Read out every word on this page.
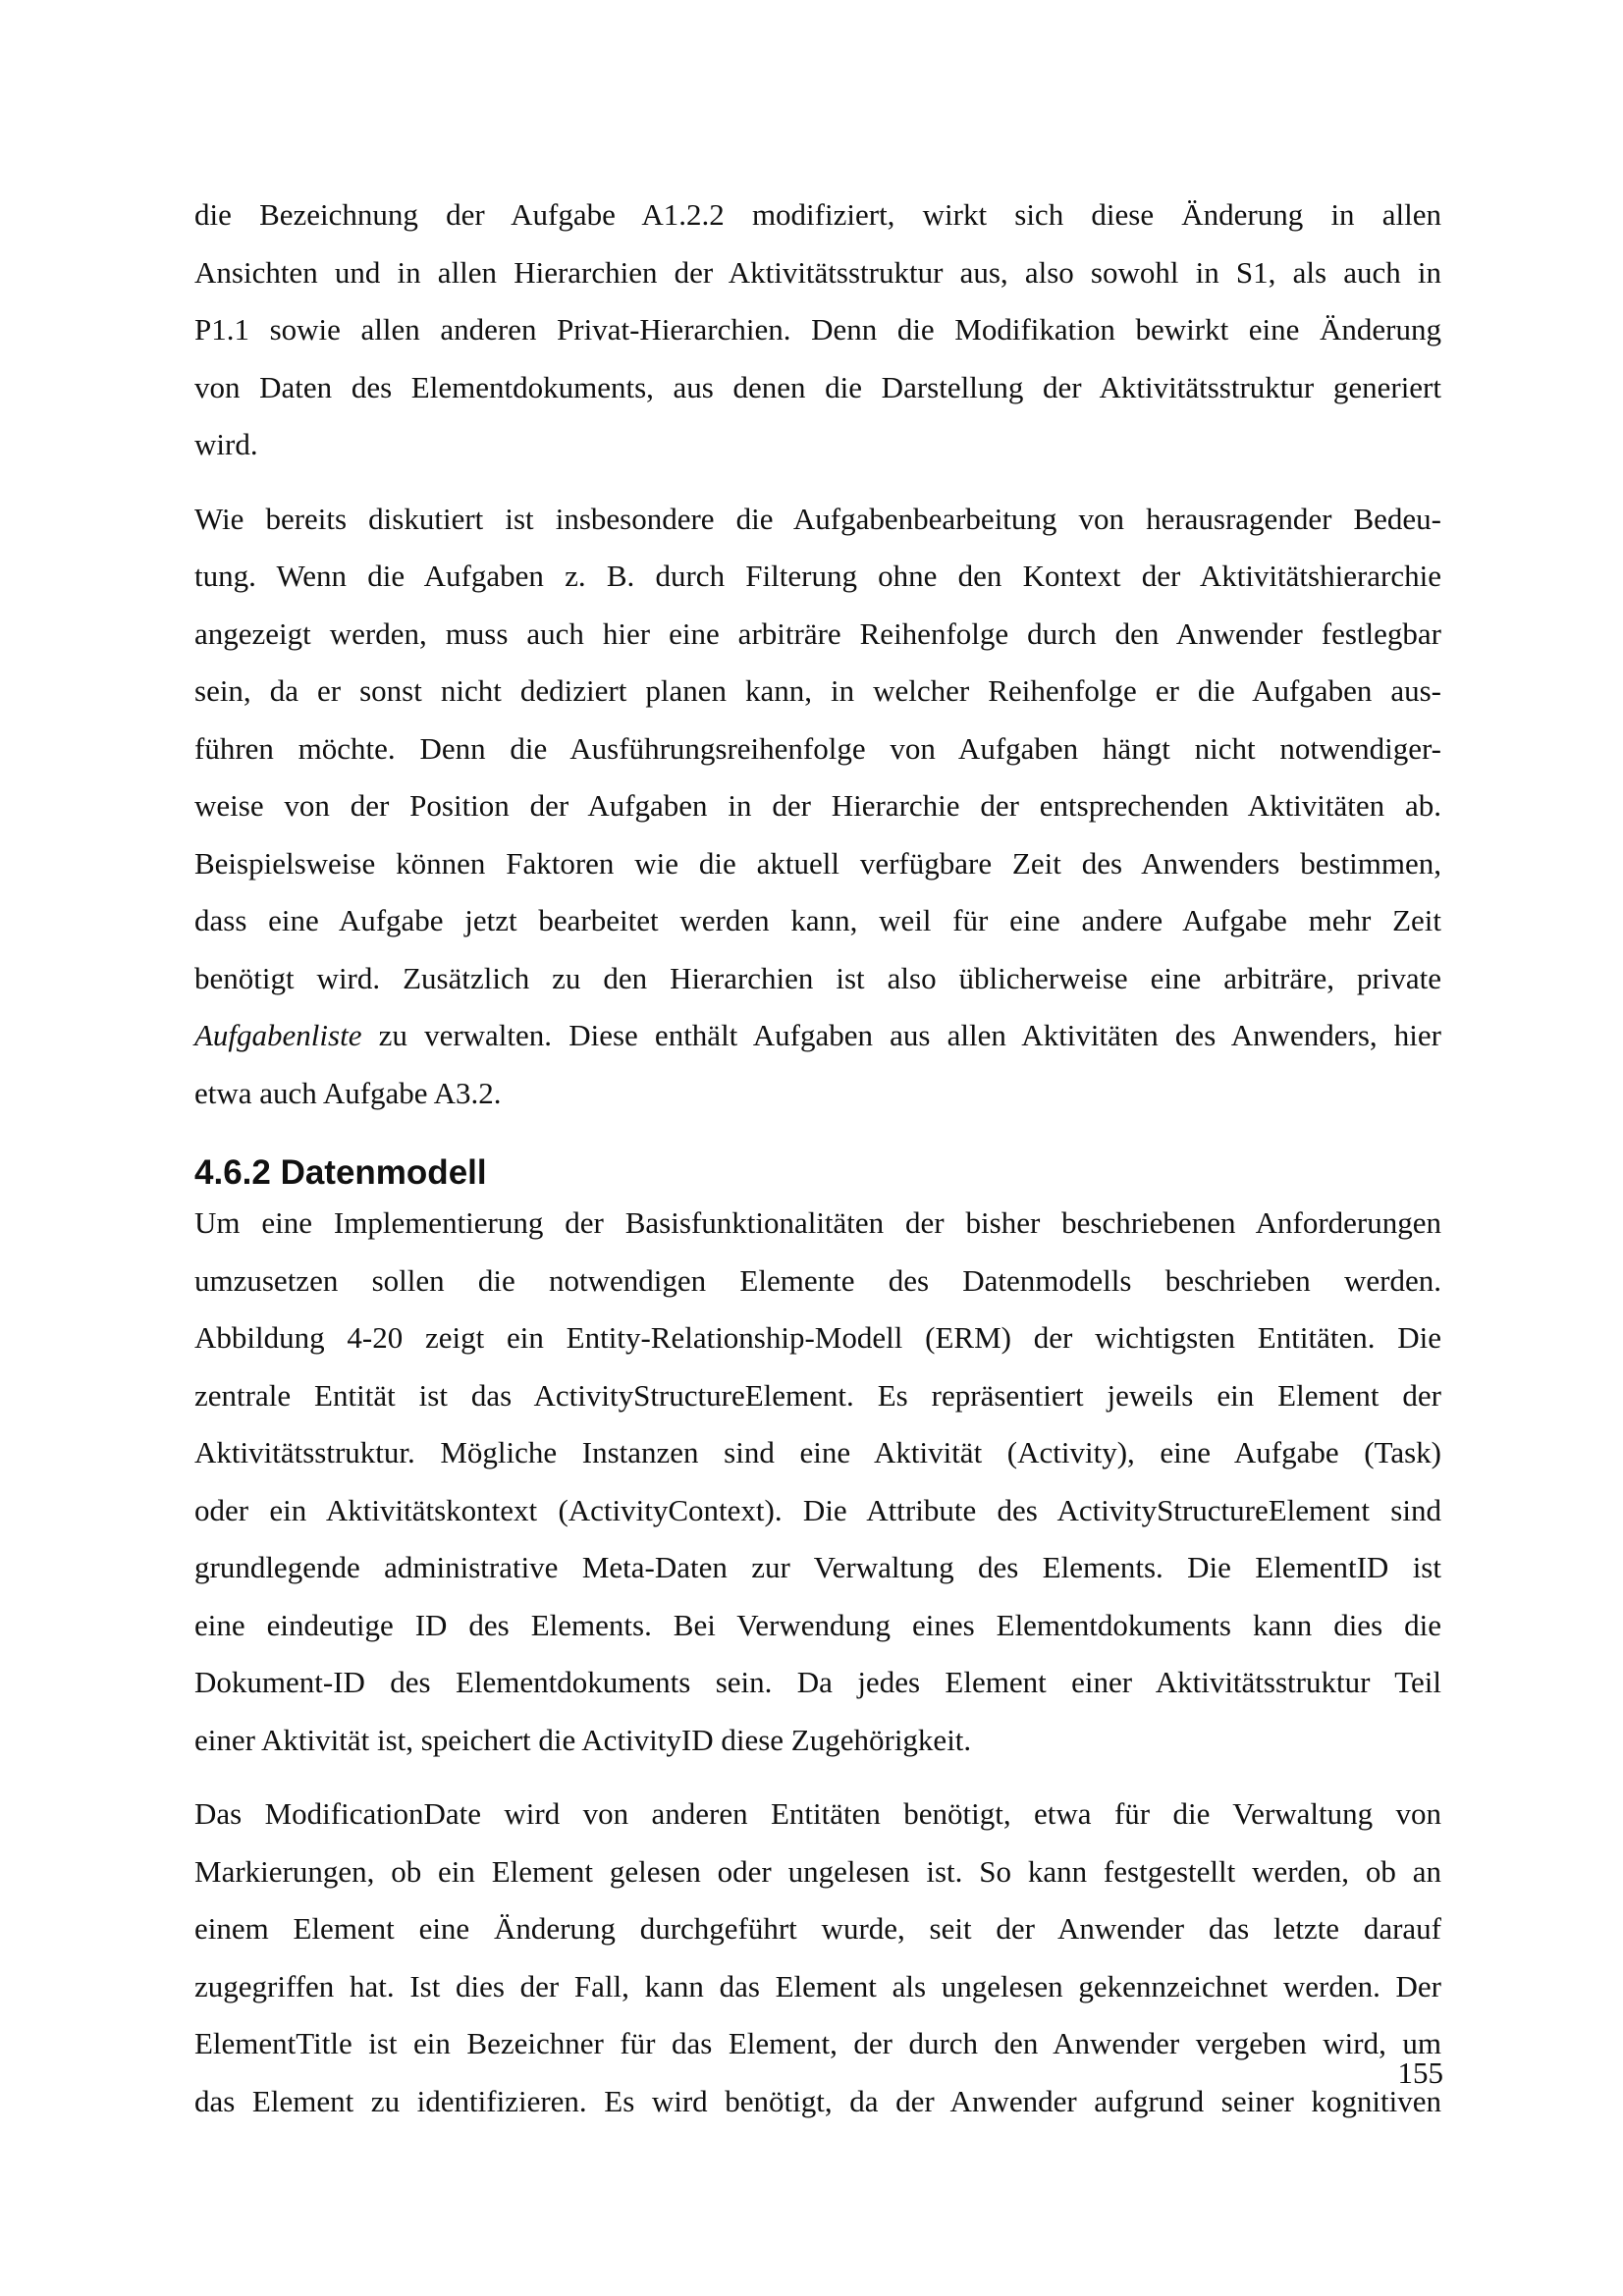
die Bezeichnung der Aufgabe A1.2.2 modifiziert, wirkt sich diese Änderung in allen
Ansichten und in allen Hierarchien der Aktivitätsstruktur aus, also sowohl in S1, als auch in
P1.1 sowie allen anderen Privat-Hierarchien. Denn die Modifikation bewirkt eine Änderung
von Daten des Elementdokuments, aus denen die Darstellung der Aktivitätsstruktur generiert
wird.

Wie bereits diskutiert ist insbesondere die Aufgabenbearbeitung von herausragender Bedeu-
tung. Wenn die Aufgaben z. B. durch Filterung ohne den Kontext der Aktivitätshierarchie
angezeigt werden, muss auch hier eine arbiträre Reihenfolge durch den Anwender festlegbar
sein, da er sonst nicht dediziert planen kann, in welcher Reihenfolge er die Aufgaben aus-
führen möchte. Denn die Ausführungsreihenfolge von Aufgaben hängt nicht notwendiger-
weise von der Position der Aufgaben in der Hierarchie der entsprechenden Aktivitäten ab.
Beispielsweise können Faktoren wie die aktuell verfügbare Zeit des Anwenders bestimmen,
dass eine Aufgabe jetzt bearbeitet werden kann, weil für eine andere Aufgabe mehr Zeit
benötigt wird. Zusätzlich zu den Hierarchien ist also üblicherweise eine arbiträre, private
Aufgabenliste zu verwalten. Diese enthält Aufgaben aus allen Aktivitäten des Anwenders, hier
etwa auch Aufgabe A3.2.

4.6.2 Datenmodell

Um eine Implementierung der Basisfunktionalitäten der bisher beschriebenen Anforderungen
umzusetzen sollen die notwendigen Elemente des Datenmodells beschrieben werden.
Abbildung 4-20 zeigt ein Entity-Relationship-Modell (ERM) der wichtigsten Entitäten. Die
zentrale Entität ist das ActivityStructureElement. Es repräsentiert jeweils ein Element der
Aktivitätsstruktur. Mögliche Instanzen sind eine Aktivität (Activity), eine Aufgabe (Task)
oder ein Aktivitätskontext (ActivityContext). Die Attribute des ActivityStructureElement sind
grundlegende administrative Meta-Daten zur Verwaltung des Elements. Die ElementID ist
eine eindeutige ID des Elements. Bei Verwendung eines Elementdokuments kann dies die
Dokument-ID des Elementdokuments sein. Da jedes Element einer Aktivitätsstruktur Teil
einer Aktivität ist, speichert die ActivityID diese Zugehörigkeit.

Das ModificationDate wird von anderen Entitäten benötigt, etwa für die Verwaltung von
Markierungen, ob ein Element gelesen oder ungelesen ist. So kann festgestellt werden, ob an
einem Element eine Änderung durchgeführt wurde, seit der Anwender das letzte darauf
zugegriffen hat. Ist dies der Fall, kann das Element als ungelesen gekennzeichnet werden. Der
ElementTitle ist ein Bezeichner für das Element, der durch den Anwender vergeben wird, um
das Element zu identifizieren. Es wird benötigt, da der Anwender aufgrund seiner kognitiven

155
